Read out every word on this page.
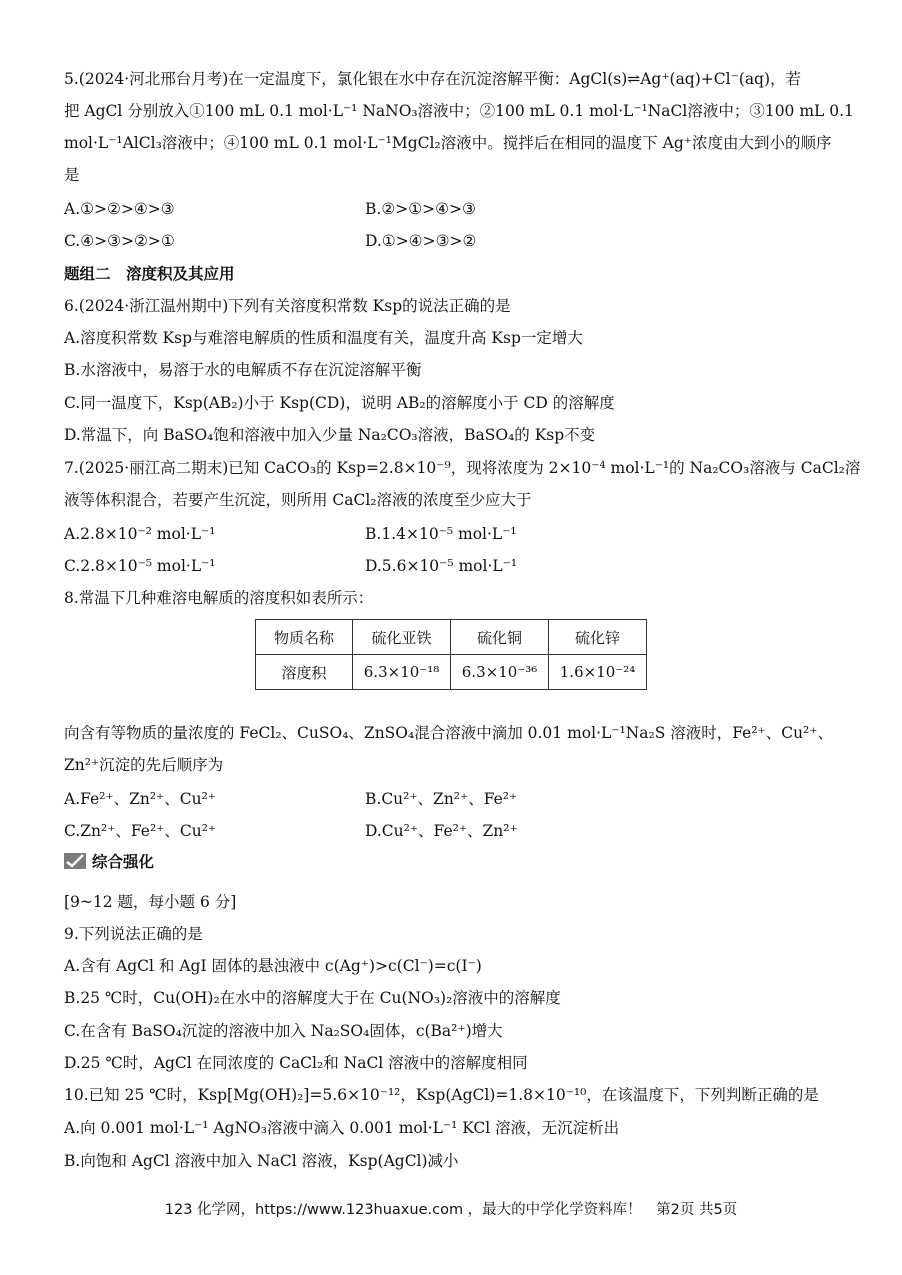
5.(2024·河北邢台月考)在一定温度下，氯化银在水中存在沉淀溶解平衡：AgCl(s)⇌Ag⁺(aq)+Cl⁻(aq)，若
把 AgCl 分别放入①100 mL 0.1 mol·L⁻¹ NaNO₃溶液中；②100 mL 0.1 mol·L⁻¹NaCl溶液中；③100 mL 0.1
mol·L⁻¹AlCl₃溶液中；④100 mL 0.1 mol·L⁻¹MgCl₂溶液中。搅拌后在相同的温度下 Ag⁺浓度由大到小的顺序
是
A.①>②>④>③	B.②>①>④>③
C.④>③>②>①	D.①>④>③>②
题组二　溶度积及其应用
6.(2024·浙江温州期中)下列有关溶度积常数 Ksp的说法正确的是
A.溶度积常数 Ksp与难溶电解质的性质和温度有关，温度升高 Ksp一定增大
B.水溶液中，易溶于水的电解质不存在沉淀溶解平衡
C.同一温度下，Ksp(AB₂)小于 Ksp(CD)，说明 AB₂的溶解度小于 CD 的溶解度
D.常温下，向 BaSO₄饱和溶液中加入少量 Na₂CO₃溶液，BaSO₄的 Ksp不变
7.(2025·丽江高二期末)已知 CaCO₃的 Ksp=2.8×10⁻⁹，现将浓度为 2×10⁻⁴ mol·L⁻¹的 Na₂CO₃溶液与 CaCl₂溶
液等体积混合，若要产生沉淀，则所用 CaCl₂溶液的浓度至少应大于
A.2.8×10⁻² mol·L⁻¹	B.1.4×10⁻⁵ mol·L⁻¹
C.2.8×10⁻⁵ mol·L⁻¹	D.5.6×10⁻⁵ mol·L⁻¹
8.常温下几种难溶电解质的溶度积如表所示：
物质名称	硫化亚铁	硫化铜	硫化锌
溶度积	6.3×10⁻¹⁸	6.3×10⁻³⁶	1.6×10⁻²⁴
向含有等物质的量浓度的 FeCl₂、CuSO₄、ZnSO₄混合溶液中滴加 0.01 mol·L⁻¹Na₂S 溶液时，Fe²⁺、Cu²⁺、
Zn²⁺沉淀的先后顺序为
A.Fe²⁺、Zn²⁺、Cu²⁺	B.Cu²⁺、Zn²⁺、Fe²⁺
C.Zn²⁺、Fe²⁺、Cu²⁺	D.Cu²⁺、Fe²⁺、Zn²⁺
综合强化
[9~12 题，每小题 6 分]
9.下列说法正确的是
A.含有 AgCl 和 AgI 固体的悬浊液中 c(Ag⁺)>c(Cl⁻)=c(I⁻)
B.25 ℃时，Cu(OH)₂在水中的溶解度大于在 Cu(NO₃)₂溶液中的溶解度
C.在含有 BaSO₄沉淀的溶液中加入 Na₂SO₄固体，c(Ba²⁺)增大
D.25 ℃时，AgCl 在同浓度的 CaCl₂和 NaCl 溶液中的溶解度相同
10.已知 25 ℃时，Ksp[Mg(OH)₂]=5.6×10⁻¹²，Ksp(AgCl)=1.8×10⁻¹⁰，在该温度下，下列判断正确的是
A.向 0.001 mol·L⁻¹ AgNO₃溶液中滴入 0.001 mol·L⁻¹ KCl 溶液，无沉淀析出
B.向饱和 AgCl 溶液中加入 NaCl 溶液，Ksp(AgCl)减小
123 化学网，https://www.123huaxue.com ，最大的中学化学资料库！　第2页 共5页
